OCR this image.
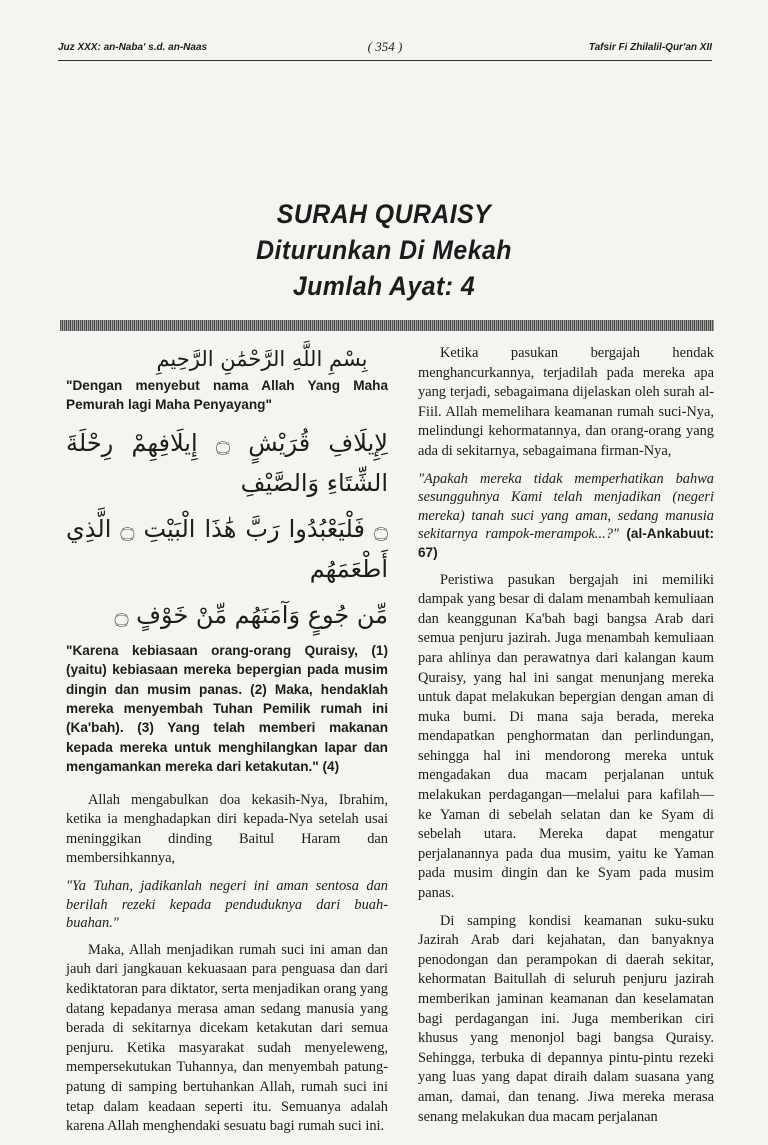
Juz XXX: an-Naba' s.d. an-Naas	( 354 )	Tafsir Fi Zhilalil-Qur'an XII
SURAH QURAISY
Diturunkan Di Mekah
Jumlah Ayat: 4
بِسْمِ اللَّهِ الرَّحْمَٰنِ الرَّحِيمِ

"Dengan menyebut nama Allah Yang Maha Pemurah lagi Maha Penyayang"

لِإِيلَافِ قُرَيْشٍ ۝ إِيلَافِهِمْ رِحْلَةَ الشِّتَاءِ وَالصَّيْفِ
۝ فَلْيَعْبُدُوا رَبَّ هَٰذَا الْبَيْتِ ۝ الَّذِي أَطْعَمَهُم
مِّن جُوعٍ وَآمَنَهُم مِّنْ خَوْفٍ ۝

"Karena kebiasaan orang-orang Quraisy, (1) (yaitu) kebiasaan mereka bepergian pada musim dingin dan musim panas. (2) Maka, hendaklah mereka menyembah Tuhan Pemilik rumah ini (Ka'bah). (3) Yang telah memberi makanan kepada mereka untuk menghilangkan lapar dan mengamankan mereka dari ketakutan." (4)

Allah mengabulkan doa kekasih-Nya, Ibrahim, ketika ia menghadapkan diri kepada-Nya setelah usai meninggikan dinding Baitul Haram dan membersihkannya,

"Ya Tuhan, jadikanlah negeri ini aman sentosa dan berilah rezeki kepada penduduknya dari buah-buahan."

Maka, Allah menjadikan rumah suci ini aman dan jauh dari jangkauan kekuasaan para penguasa dan dari kediktatoran para diktator, serta menjadikan orang yang datang kepadanya merasa aman sedang manusia yang berada di sekitarnya dicekam ketakutan dari semua penjuru. Ketika masyarakat sudah menyeleweng, mempersekutukan Tuhannya, dan menyembah patung-patung di samping bertuhankan Allah, rumah suci ini tetap dalam keadaan seperti itu. Semuanya adalah karena Allah menghendaki sesuatu bagi rumah suci ini.

Ketika pasukan bergajah hendak menghancurkannya, terjadilah pada mereka apa yang terjadi, sebagaimana dijelaskan oleh surah al-Fiil. Allah memelihara keamanan rumah suci-Nya, melindungi kehormatannya, dan orang-orang yang ada di sekitarnya, sebagaimana firman-Nya,

"Apakah mereka tidak memperhatikan bahwa sesungguhnya Kami telah menjadikan (negeri mereka) tanah suci yang aman, sedang manusia sekitarnya rampok-merampok...?" (al-Ankabuut: 67)

Peristiwa pasukan bergajah ini memiliki dampak yang besar di dalam menambah kemuliaan dan keanggunan Ka'bah bagi bangsa Arab dari semua penjuru jazirah. Juga menambah kemuliaan para ahlinya dan perawatnya dari kalangan kaum Quraisy, yang hal ini sangat menunjang mereka untuk dapat melakukan bepergian dengan aman di muka bumi. Di mana saja berada, mereka mendapatkan penghormatan dan perlindungan, sehingga hal ini mendorong mereka untuk mengadakan dua macam perjalanan untuk melakukan perdagangan—melalui para kafilah—ke Yaman di sebelah selatan dan ke Syam di sebelah utara. Mereka dapat mengatur perjalanannya pada dua musim, yaitu ke Yaman pada musim dingin dan ke Syam pada musim panas.

Di samping kondisi keamanan suku-suku Jazirah Arab dari kejahatan, dan banyaknya penodongan dan perampokan di daerah sekitar, kehormatan Baitullah di seluruh penjuru jazirah memberikan jaminan keamanan dan keselamatan bagi perdagangan ini. Juga memberikan ciri khusus yang menonjol bagi bangsa Quraisy. Sehingga, terbuka di depannya pintu-pintu rezeki yang luas yang dapat diraih dalam suasana yang aman, damai, dan tenang. Jiwa mereka merasa senang melakukan dua macam perjalanan
